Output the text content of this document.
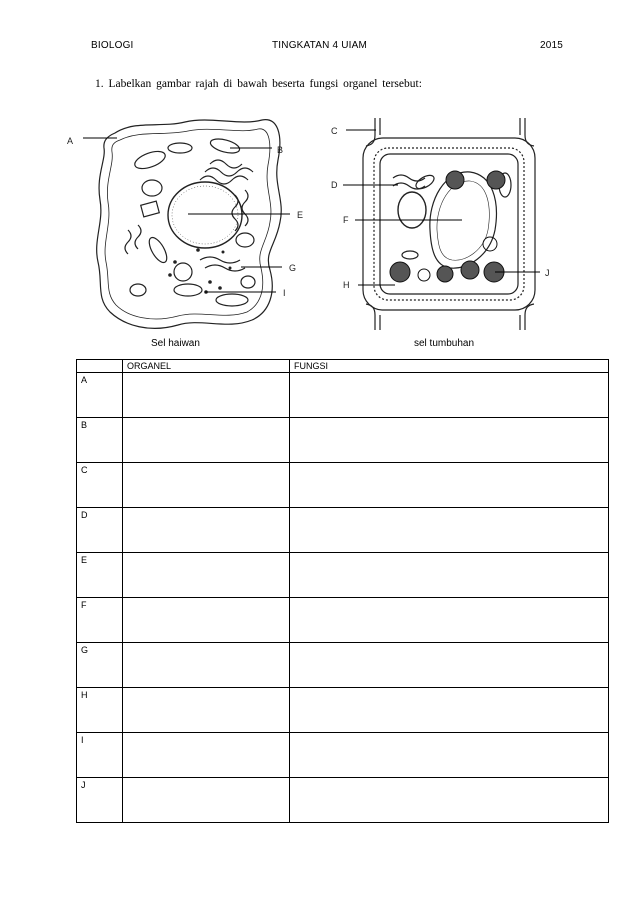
BIOLOGI	TINGKATAN 4 UIAM	2015
1. Labelkan gambar rajah di bawah beserta fungsi organel tersebut:
A
B
E
G
I
C
D
F
H
J
Sel haiwan	sel tumbuhan
	ORGANEL	FUNGSI
A		
B		
C		
D		
E		
F		
G		
H		
I		
J		
